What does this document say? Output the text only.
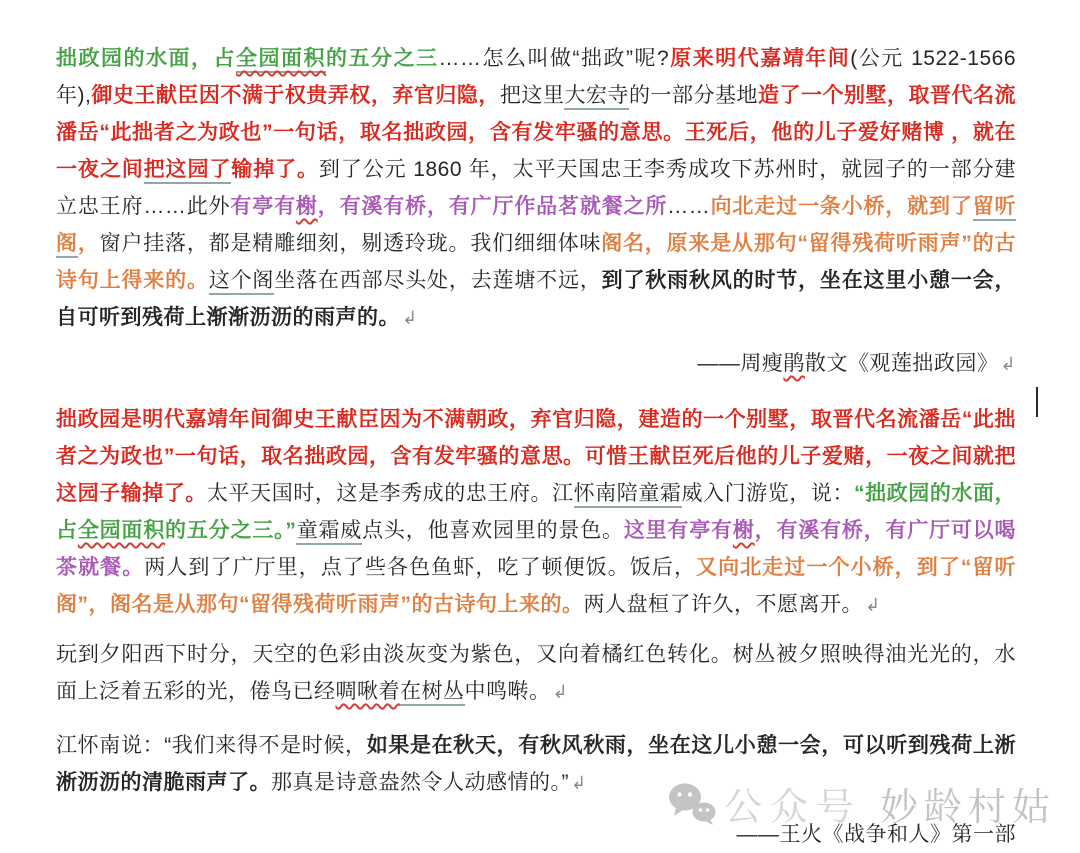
拙政园的水面，占全园面积的五分之三……怎么叫做“拙政”呢?原来明代嘉靖年间(公元 1522-1566 年),御史王献臣因不满于权贵弄权，弃官归隐，把这里大宏寺的一部分基地造了一个别墅，取晋代名流潘岳“此拙者之为政也”一句话，取名拙政园，含有发牢骚的意思。王死后，他的儿子爱好赌博 ，就在一夜之间把这园了输掉了。到了公元 1860 年，太平天国忠王李秀成攻下苏州时，就园子的一部分建立忠王府……此外有亭有榭，有溪有桥，有广厅作品茗就餐之所……向北走过一条小桥，就到了留听阁，窗户挂落，都是精雕细刻，剔透玲珑。我们细细体味阁名，原来是从那句“留得残荷听雨声”的古诗句上得来的。这个阁坐落在西部尽头处，去莲塘不远，到了秋雨秋风的时节，坐在这里小憩一会，自可听到残荷上渐渐沥沥的雨声的。 ↲
——周瘦鹃散文《观莲拙政园》 ↲
拙政园是明代嘉靖年间御史王献臣因为不满朝政，弃官归隐，建造的一个别墅，取晋代名流潘岳“此拙者之为政也”一句话，取名拙政园，含有发牢骚的意思。可惜王献臣死后他的儿子爱赌，一夜之间就把这园子输掉了。太平天国时，这是李秀成的忠王府。江怀南陪童霜威入门游览，说：“拙政园的水面，占全园面积的五分之三。”童霜威点头，他喜欢园里的景色。这里有亭有榭，有溪有桥，有广厅可以喝茶就餐。两人到了广厅里，点了些各色鱼虾，吃了顿便饭。饭后，又向北走过一个小桥，到了“留听阁”，阁名是从那句“留得残荷听雨声”的古诗句上来的。两人盘桓了许久，不愿离开。 ↲
玩到夕阳西下时分，天空的色彩由淡灰变为紫色，又向着橘红色转化。树丛被夕照映得油光光的，水面上泛着五彩的光，倦鸟已经啁啾着在树丛中鸣啭。 ↲
江怀南说：“我们来得不是时候，如果是在秋天，有秋风秋雨，坐在这儿小憩一会，可以听到残荷上淅淅沥沥的清脆雨声了。那真是诗意盎然令人动感情的。” ↲
——王火《战争和人》第一部
公众号 妙龄村姑
